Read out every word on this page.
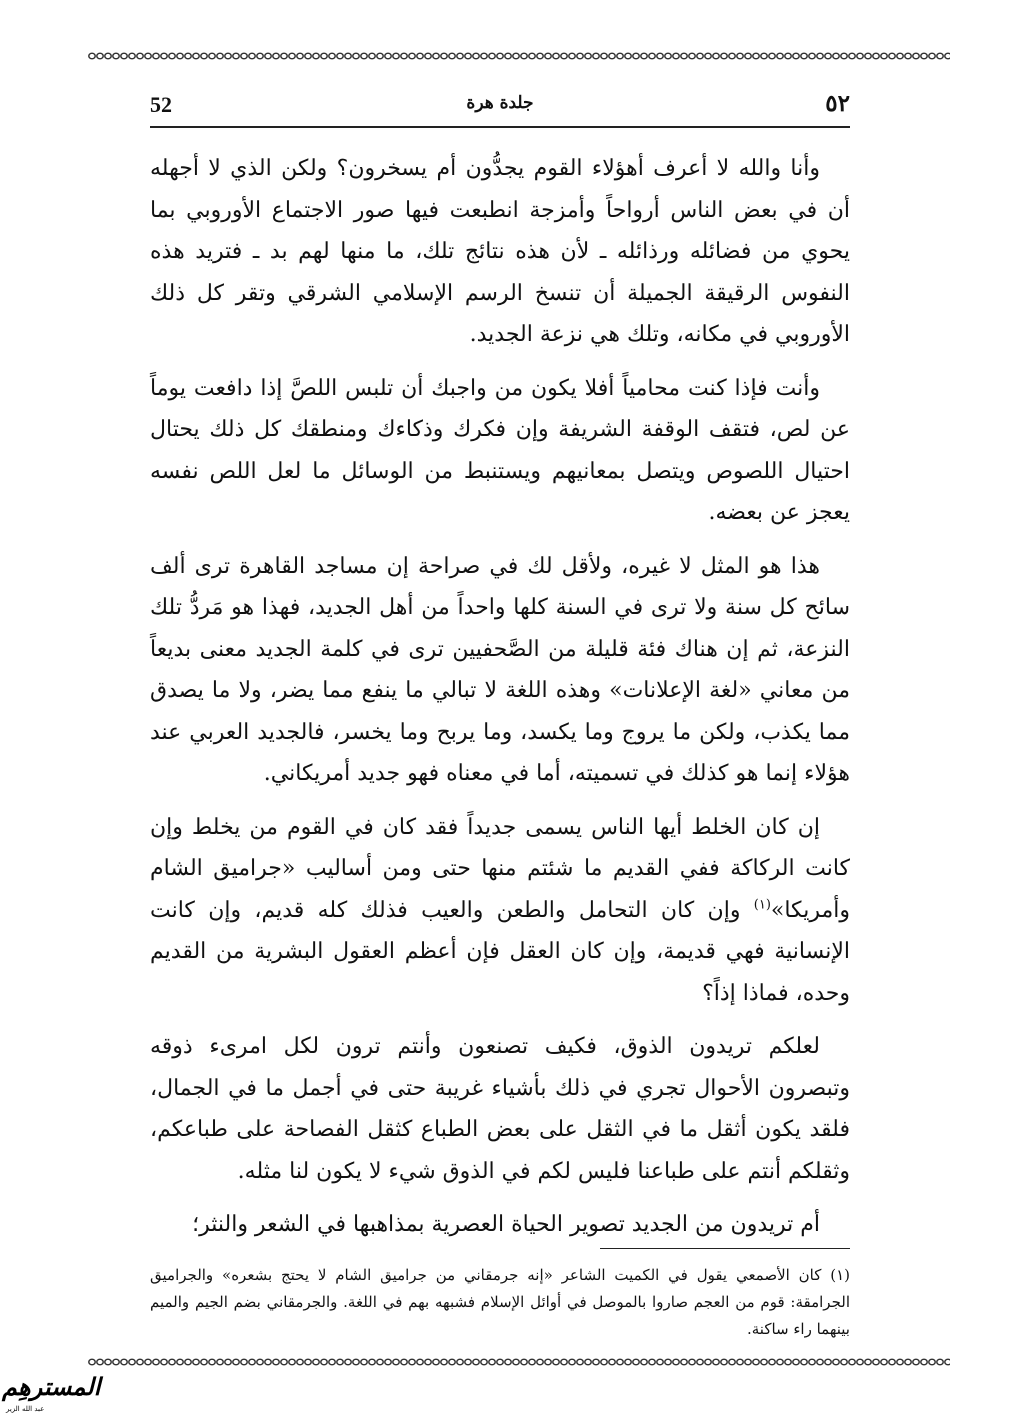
52	جلدة هرة	٥٢

وأنا والله لا أعرف أهؤلاء القوم يجدُّون أم يسخرون؟ ولكن الذي لا أجهله أن في بعض الناس أرواحاً وأمزجة انطبعت فيها صور الاجتماع الأوروبي بما يحوي من فضائله ورذائله ـ لأن هذه نتائج تلك، ما منها لهم بد ـ فتريد هذه النفوس الرقيقة الجميلة أن تنسخ الرسم الإسلامي الشرقي وتقر كل ذلك الأوروبي في مكانه، وتلك هي نزعة الجديد.

وأنت فإذا كنت محامياً أفلا يكون من واجبك أن تلبس اللصَّ إذا دافعت يوماً عن لص، فتقف الوقفة الشريفة وإن فكرك وذكاءك ومنطقك كل ذلك يحتال احتيال اللصوص ويتصل بمعانيهم ويستنبط من الوسائل ما لعل اللص نفسه يعجز عن بعضه.

هذا هو المثل لا غيره، ولأقل لك في صراحة إن مساجد القاهرة ترى ألف سائح كل سنة ولا ترى في السنة كلها واحداً من أهل الجديد، فهذا هو مَردُّ تلك النزعة، ثم إن هناك فئة قليلة من الصَّحفيين ترى في كلمة الجديد معنى بديعاً من معاني «لغة الإعلانات» وهذه اللغة لا تبالي ما ينفع مما يضر، ولا ما يصدق مما يكذب، ولكن ما يروج وما يكسد، وما يربح وما يخسر، فالجديد العربي عند هؤلاء إنما هو كذلك في تسميته، أما في معناه فهو جديد أمريكاني.

إن كان الخلط أيها الناس يسمى جديداً فقد كان في القوم من يخلط وإن كانت الركاكة ففي القديم ما شئتم منها حتى ومن أساليب «جراميق الشام وأمريكا»$^{(١)}$ وإن كان التحامل والطعن والعيب فذلك كله قديم، وإن كانت الإنسانية فهي قديمة، وإن كان العقل فإن أعظم العقول البشرية من القديم وحده، فماذا إذاً؟

لعلكم تريدون الذوق، فكيف تصنعون وأنتم ترون لكل امرىء ذوقه وتبصرون الأحوال تجري في ذلك بأشياء غريبة حتى في أجمل ما في الجمال، فلقد يكون أثقل ما في الثقل على بعض الطباع كثقل الفصاحة على طباعكم، وثقلكم أنتم على طباعنا فليس لكم في الذوق شيء لا يكون لنا مثله.

أم تريدون من الجديد تصوير الحياة العصرية بمذاهبها في الشعر والنثر؛

(١) كان الأصمعي يقول في الكميت الشاعر «إنه جرمقاني من جراميق الشام لا يحتج بشعره» والجراميق الجرامقة: قوم من العجم صاروا بالموصل في أوائل الإسلام فشبهه بهم في اللغة. والجرمقاني بضم الجيم والميم بينهما راء ساكنة.

المسترهِم
عبد الله الزير
